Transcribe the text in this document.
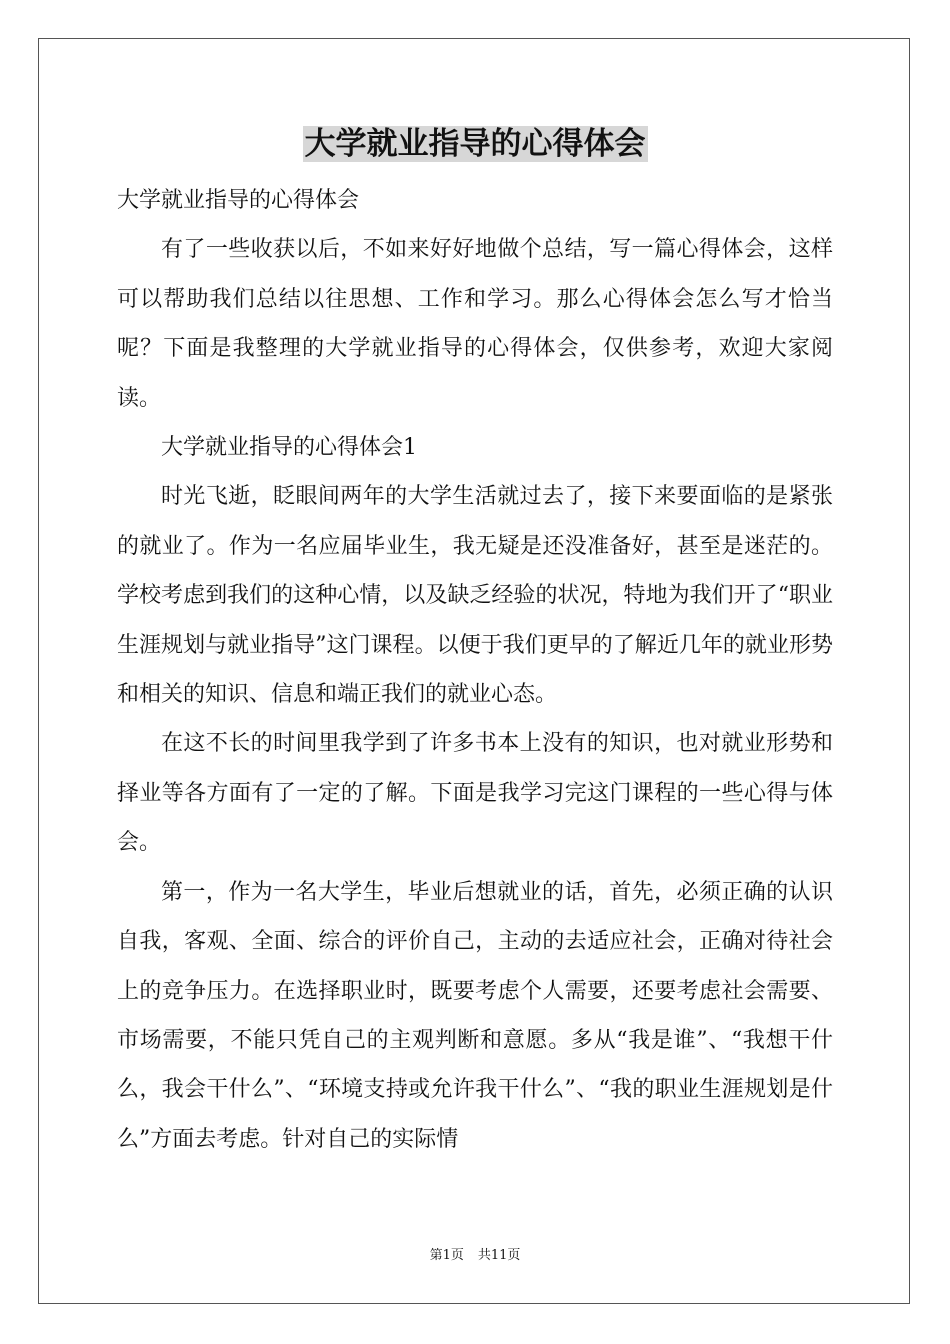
大学就业指导的心得体会

大学就业指导的心得体会

有了一些收获以后，不如来好好地做个总结，写一篇心得体会，这样可以帮助我们总结以往思想、工作和学习。那么心得体会怎么写才恰当呢？下面是我整理的大学就业指导的心得体会，仅供参考，欢迎大家阅读。

大学就业指导的心得体会1

时光飞逝，眨眼间两年的大学生活就过去了，接下来要面临的是紧张的就业了。作为一名应届毕业生，我无疑是还没准备好，甚至是迷茫的。学校考虑到我们的这种心情，以及缺乏经验的状况，特地为我们开了“职业生涯规划与就业指导”这门课程。以便于我们更早的了解近几年的就业形势和相关的知识、信息和端正我们的就业心态。

在这不长的时间里我学到了许多书本上没有的知识，也对就业形势和择业等各方面有了一定的了解。下面是我学习完这门课程的一些心得与体会。

第一，作为一名大学生，毕业后想就业的话，首先，必须正确的认识自我，客观、全面、综合的评价自己，主动的去适应社会，正确对待社会上的竞争压力。在选择职业时，既要考虑个人需要，还要考虑社会需要、市场需要，不能只凭自己的主观判断和意愿。多从“我是谁”、“我想干什么，我会干什么”、“环境支持或允许我干什么”、“我的职业生涯规划是什么”方面去考虑。针对自己的实际情

第1页 共11页
